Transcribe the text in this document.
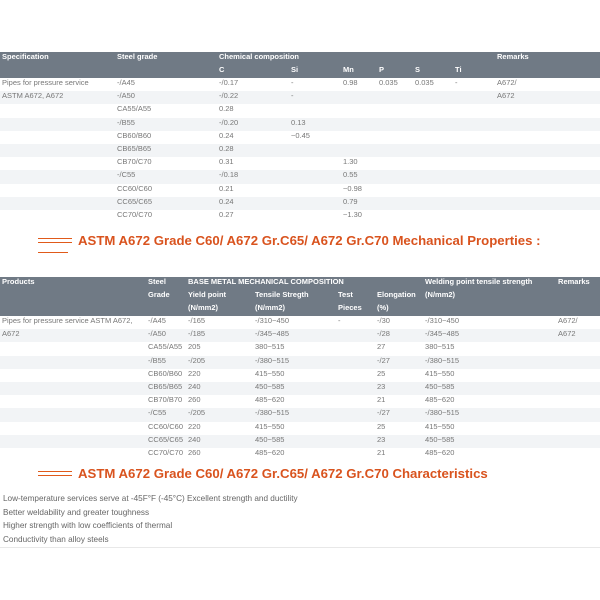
Specification	Steel grade	Chemical composition						Remarks
		C	Si	Mn	P	S	Ti	
Pipes for pressure service	-/A45	-/0.17	-	0.98	0.035	0.035	-	A672/
ASTM A672, A672	-/A50	-/0.22	-					A672
	CA55/A55	0.28						
	-/B55	-/0.20	0.13					
	CB60/B60	0.24	~0.45					
	CB65/B65	0.28						
	CB70/C70	0.31		1.30				
	-/C55	-/0.18		0.55				
	CC60/C60	0.21		~0.98				
	CC65/C65	0.24		0.79				
	CC70/C70	0.27		~1.30				
ASTM A672 Grade C60/ A672 Gr.C65/ A672 Gr.C70 Mechanical Properties :
Products	Steel	BASE METAL MECHANICAL COMPOSITION				Welding point tensile strength	Remarks
	Grade	Yield point	Tensile Stregth	Test	Elongation	(N/mm2)	
		(N/mm2)	(N/mm2)	Pieces	(%)		
Pipes for pressure service ASTM A672,	-/A45	-/165	-/310~450	-	-/30	-/310~450	A672/
A672	-/A50	-/185	-/345~485		-/28	-/345~485	A672
	CA55/A55	205	380~515		27	380~515	
	-/B55	-/205	-/380~515		-/27	-/380~515	
	CB60/B60	220	415~550		25	415~550	
	CB65/B65	240	450~585		23	450~585	
	CB70/B70	260	485~620		21	485~620	
	-/C55	-/205	-/380~515		-/27	-/380~515	
	CC60/C60	220	415~550		25	415~550	
	CC65/C65	240	450~585		23	450~585	
	CC70/C70	260	485~620		21	485~620	
ASTM A672 Grade C60/ A672 Gr.C65/ A672 Gr.C70 Characteristics
Low-temperature services serve at -45F°F (-45°C) Excellent strength and ductility
Better weldability and greater toughness
Higher strength with low coefficients of thermal
Conductivity than alloy steels
